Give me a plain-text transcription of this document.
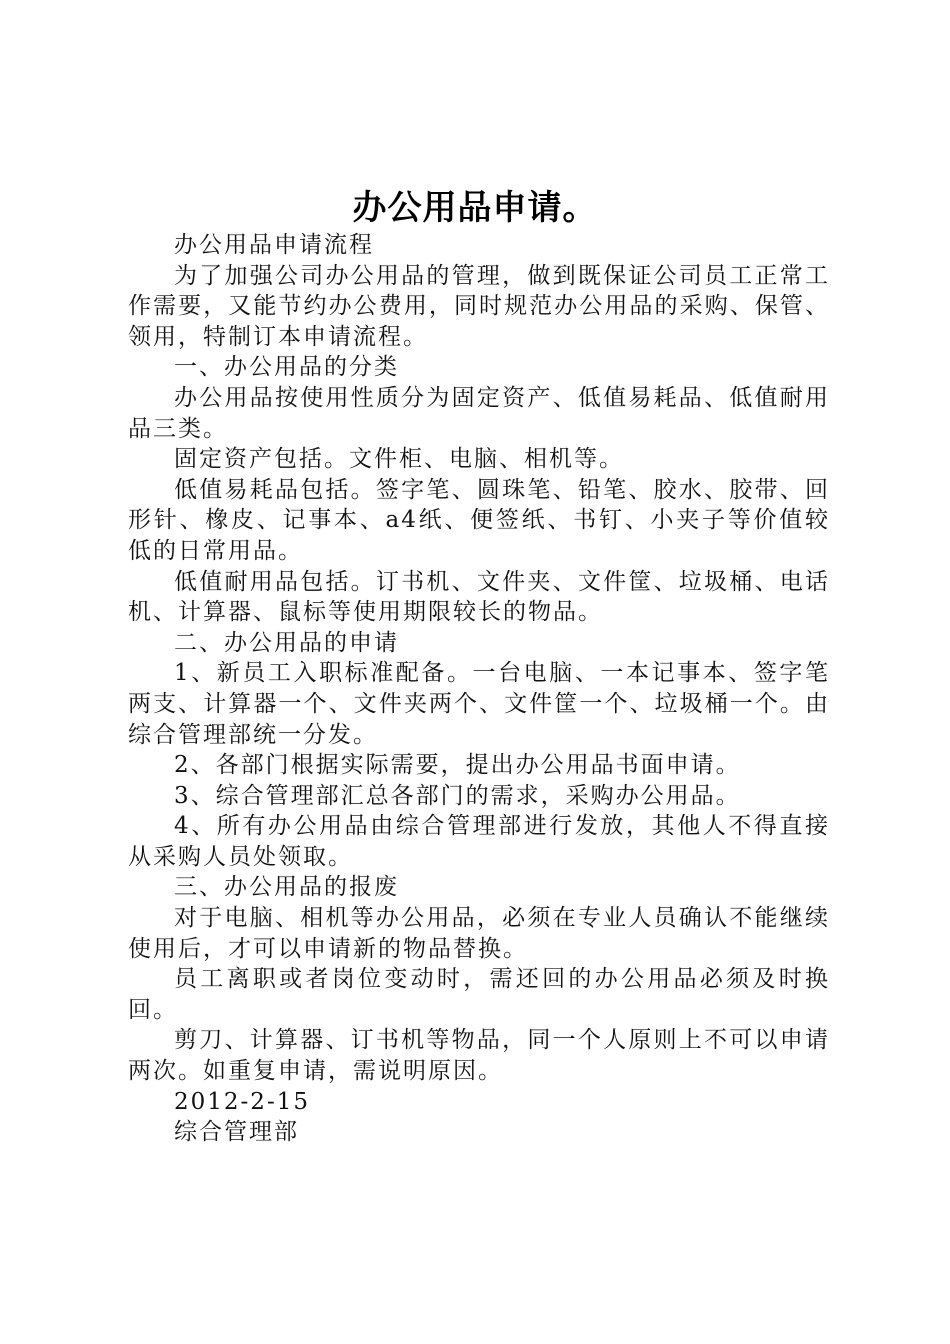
办公用品申请。

办公用品申请流程

为了加强公司办公用品的管理，做到既保证公司员工正常工作需要，又能节约办公费用，同时规范办公用品的采购、保管、领用，特制订本申请流程。

一、办公用品的分类

办公用品按使用性质分为固定资产、低值易耗品、低值耐用品三类。

固定资产包括。文件柜、电脑、相机等。

低值易耗品包括。签字笔、圆珠笔、铅笔、胶水、胶带、回形针、橡皮、记事本、a4纸、便签纸、书钉、小夹子等价值较低的日常用品。

低值耐用品包括。订书机、文件夹、文件筐、垃圾桶、电话机、计算器、鼠标等使用期限较长的物品。

二、办公用品的申请

1、新员工入职标准配备。一台电脑、一本记事本、签字笔两支、计算器一个、文件夹两个、文件筐一个、垃圾桶一个。由综合管理部统一分发。

2、各部门根据实际需要，提出办公用品书面申请。

3、综合管理部汇总各部门的需求，采购办公用品。

4、所有办公用品由综合管理部进行发放，其他人不得直接从采购人员处领取。

三、办公用品的报废

对于电脑、相机等办公用品，必须在专业人员确认不能继续使用后，才可以申请新的物品替换。

员工离职或者岗位变动时，需还回的办公用品必须及时换回。

剪刀、计算器、订书机等物品，同一个人原则上不可以申请两次。如重复申请，需说明原因。

2012-2-15

综合管理部
